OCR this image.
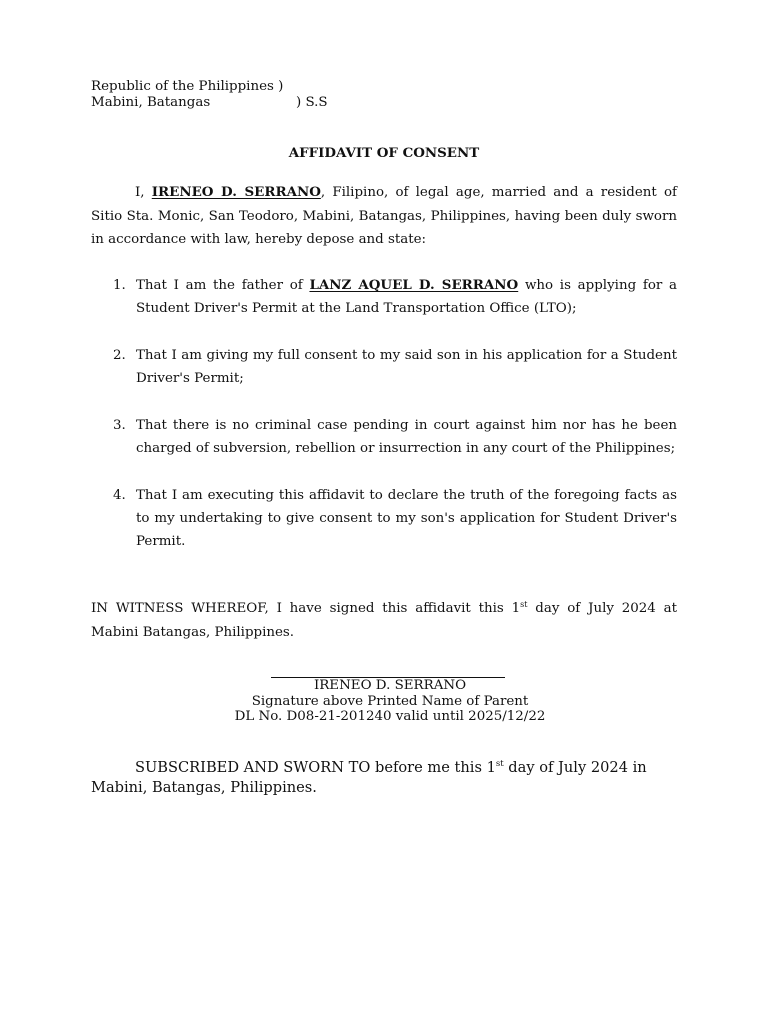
Republic of the Philippines )
Mabini, Batangas	) S.S
AFFIDAVIT OF CONSENT

I, IRENEO D. SERRANO, Filipino, of legal age, married and a resident of Sitio Sta. Monic, San Teodoro, Mabini, Batangas, Philippines, having been duly sworn in accordance with law, hereby depose and state:

1. That I am the father of LANZ AQUEL D. SERRANO who is applying for a Student Driver's Permit at the Land Transportation Office (LTO);
2. That I am giving my full consent to my said son in his application for a Student Driver's Permit;
3. That there is no criminal case pending in court against him nor has he been charged of subversion, rebellion or insurrection in any court of the Philippines;
4. That I am executing this affidavit to declare the truth of the foregoing facts as to my undertaking to give consent to my son's application for Student Driver's Permit.

IN WITNESS WHEREOF, I have signed this affidavit this 1st day of July 2024 at Mabini Batangas, Philippines.

IRENEO D. SERRANO
Signature above Printed Name of Parent
DL No. D08-21-201240 valid until 2025/12/22

SUBSCRIBED AND SWORN TO before me this 1st day of July 2024 in Mabini, Batangas, Philippines.
